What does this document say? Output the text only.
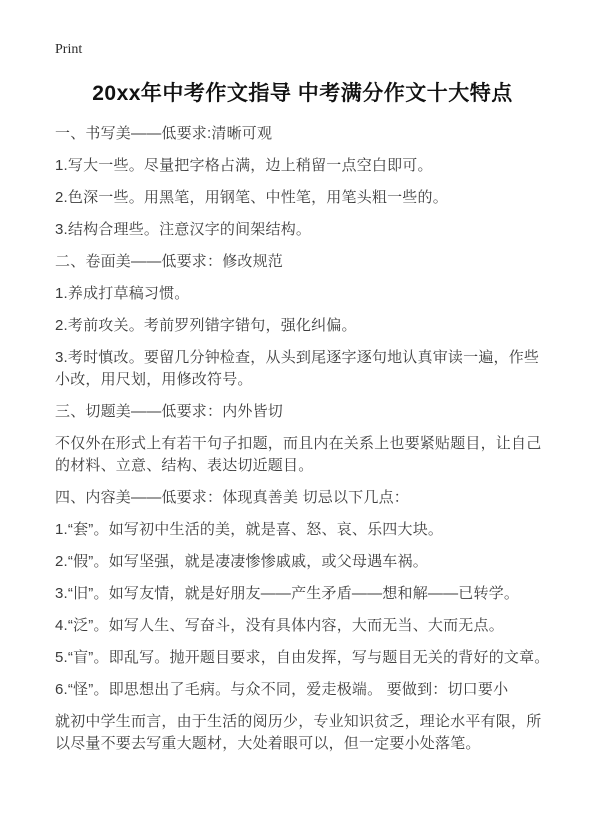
Print
20xx年中考作文指导 中考满分作文十大特点

一、书写美——低要求:清晰可观

1.写大一些。尽量把字格占满，边上稍留一点空白即可。

2.色深一些。用黑笔，用钢笔、中性笔，用笔头粗一些的。

3.结构合理些。注意汉字的间架结构。

二、卷面美——低要求：修改规范

1.养成打草稿习惯。

2.考前攻关。考前罗列错字错句，强化纠偏。

3.考时慎改。要留几分钟检查，从头到尾逐字逐句地认真审读一遍，作些小改，用尺划，用修改符号。

三、切题美——低要求：内外皆切

不仅外在形式上有若干句子扣题，而且内在关系上也要紧贴题目，让自己的材料、立意、结构、表达切近题目。

四、内容美——低要求：体现真善美 切忌以下几点：

1.“套”。如写初中生活的美，就是喜、怒、哀、乐四大块。

2.“假”。如写坚强，就是凄凄惨惨戚戚，或父母遇车祸。

3.“旧”。如写友情，就是好朋友——产生矛盾——想和解——已转学。

4.“泛”。如写人生、写奋斗，没有具体内容，大而无当、大而无点。

5.“盲”。即乱写。抛开题目要求，自由发挥，写与题目无关的背好的文章。

6.“怪”。即思想出了毛病。与众不同，爱走极端。 要做到：切口要小

就初中学生而言，由于生活的阅历少，专业知识贫乏，理论水平有限，所以尽量不要去写重大题材，大处着眼可以，但一定要小处落笔。
